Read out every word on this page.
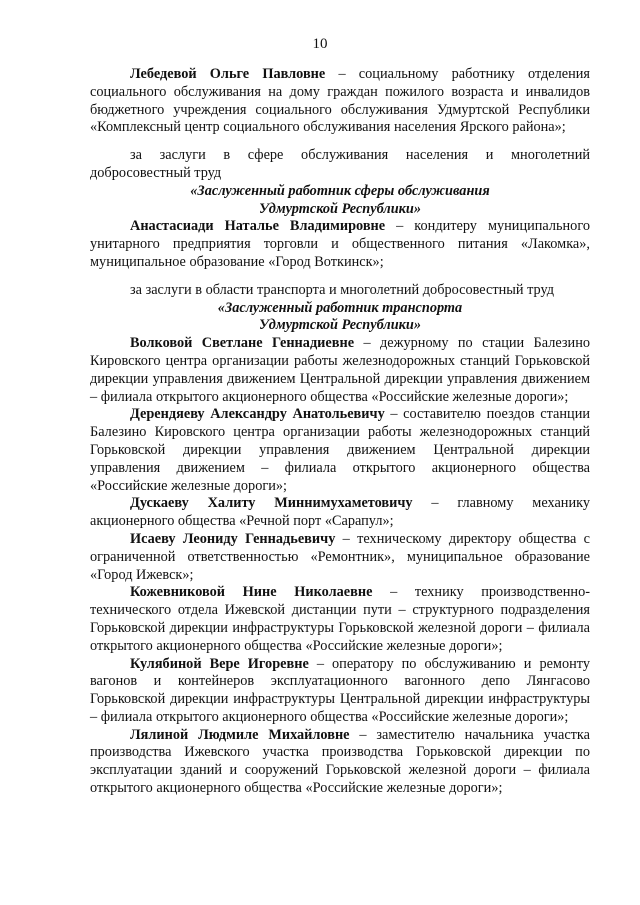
10

Лебедевой Ольге Павловне – социальному работнику отделения социального обслуживания на дому граждан пожилого возраста и инвалидов бюджетного учреждения социального обслуживания Удмуртской Республики «Комплексный центр социального обслуживания населения Ярского района»;

за заслуги в сфере обслуживания населения и многолетний добросовестный труд

«Заслуженный работник сферы обслуживания
Удмуртской Республики»

Анастасиади Наталье Владимировне – кондитеру муниципального унитарного предприятия торговли и общественного питания «Лакомка», муниципальное образование «Город Воткинск»;

за заслуги в области транспорта и многолетний добросовестный труд

«Заслуженный работник транспорта
Удмуртской Республики»

Волковой Светлане Геннадиевне – дежурному по стации Балезино Кировского центра организации работы железнодорожных станций Горьковской дирекции управления движением Центральной дирекции управления движением – филиала открытого акционерного общества «Российские железные дороги»;

Дерендяеву Александру Анатольевичу – составителю поездов станции Балезино Кировского центра организации работы железнодорожных станций Горьковской дирекции управления движением Центральной дирекции управления движением – филиала открытого акционерного общества «Российские железные дороги»;

Дускаеву Халиту Миннимухаметовичу – главному механику акционерного общества «Речной порт «Сарапул»;

Исаеву Леониду Геннадьевичу – техническому директору общества с ограниченной ответственностью «Ремонтник», муниципальное образование «Город Ижевск»;

Кожевниковой Нине Николаевне – технику производственно-технического отдела Ижевской дистанции пути – структурного подразделения Горьковской дирекции инфраструктуры Горьковской железной дороги – филиала открытого акционерного общества «Российские железные дороги»;

Кулябиной Вере Игоревне – оператору по обслуживанию и ремонту вагонов и контейнеров эксплуатационного вагонного депо Лянгасово Горьковской дирекции инфраструктуры Центральной дирекции инфраструктуры – филиала открытого акционерного общества «Российские железные дороги»;

Лялиной Людмиле Михайловне – заместителю начальника участка производства Ижевского участка производства Горьковской дирекции по эксплуатации зданий и сооружений Горьковской железной дороги – филиала открытого акционерного общества «Российские железные дороги»;
